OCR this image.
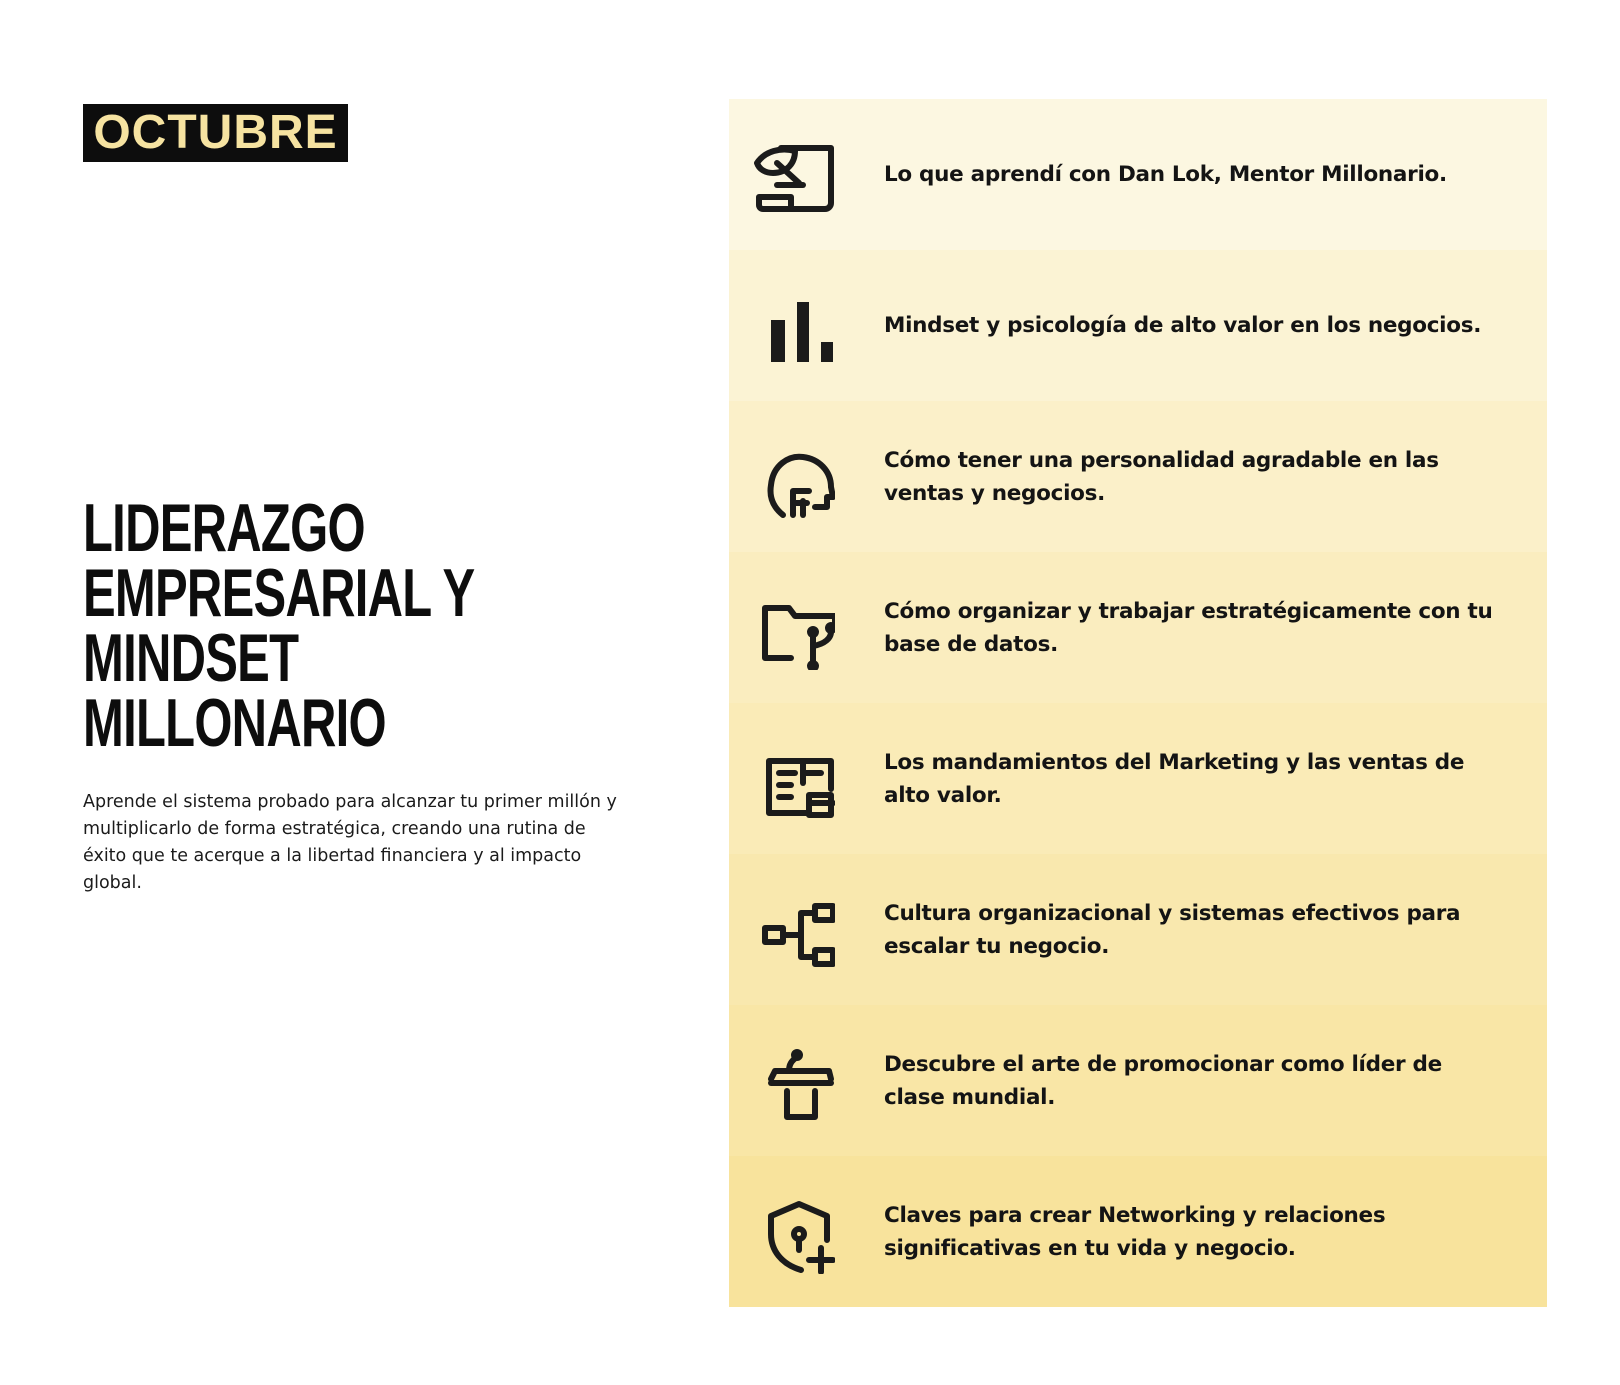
OCTUBRE
LIDERAZGO
EMPRESARIAL Y
MINDSET
MILLONARIO

Aprende el sistema probado para alcanzar tu primer millón y multiplicarlo de forma estratégica, creando una rutina de éxito que te acerque a la libertad financiera y al impacto global.

Lo que aprendí con Dan Lok, Mentor Millonario.
Mindset y psicología de alto valor en los negocios.
Cómo tener una personalidad agradable en las ventas y negocios.
Cómo organizar y trabajar estratégicamente con tu base de datos.
Los mandamientos del Marketing y las ventas de alto valor.
Cultura organizacional y sistemas efectivos para escalar tu negocio.
Descubre el arte de promocionar como líder de clase mundial.
Claves para crear Networking y relaciones significativas en tu vida y negocio.
